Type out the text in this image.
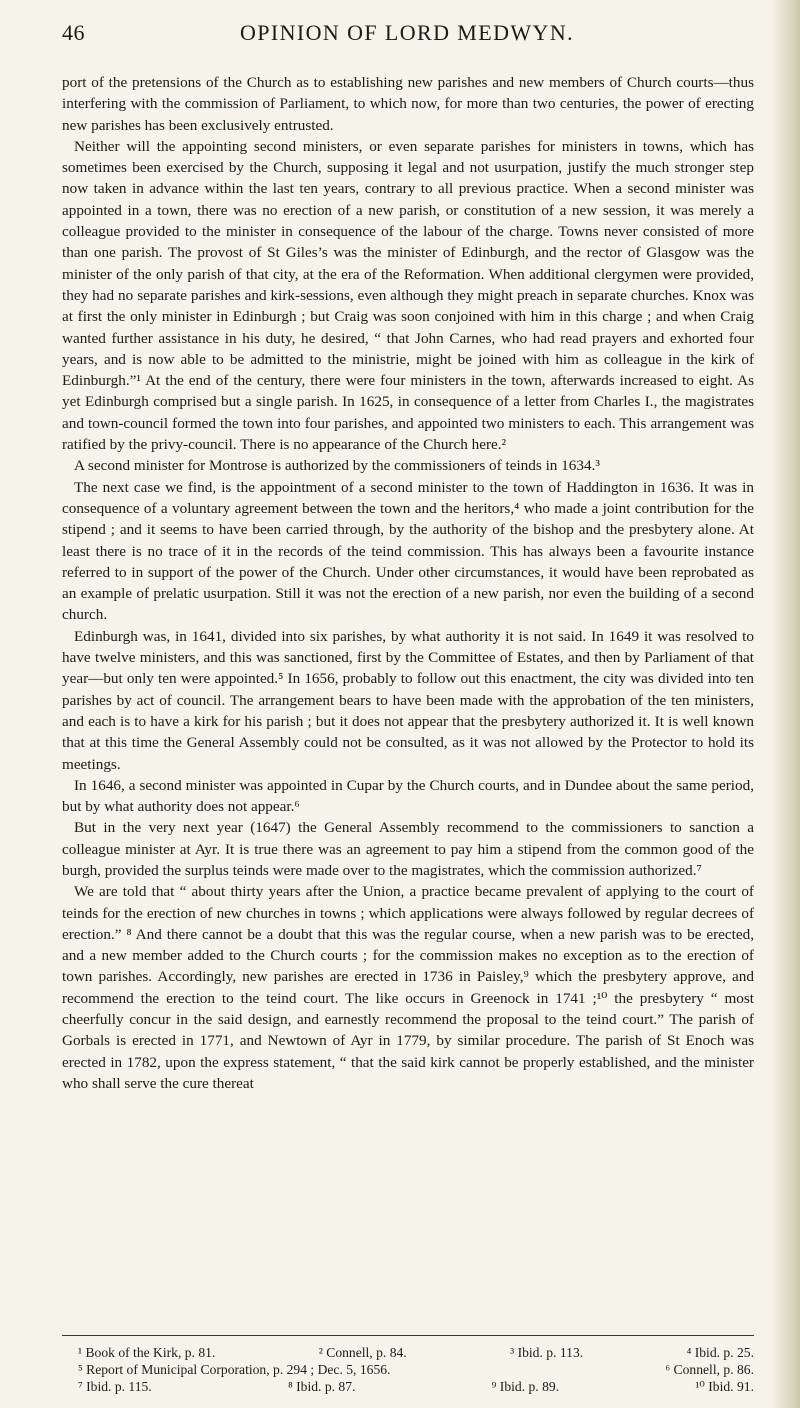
46	OPINION OF LORD MEDWYN.

port of the pretensions of the Church as to establishing new parishes and new members of Church courts—thus interfering with the commission of Parliament, to which now, for more than two centuries, the power of erecting new parishes has been exclusively entrusted.

Neither will the appointing second ministers, or even separate parishes for ministers in towns, which has sometimes been exercised by the Church, supposing it legal and not usurpation, justify the much stronger step now taken in advance within the last ten years, contrary to all previous practice. When a second minister was appointed in a town, there was no erection of a new parish, or constitution of a new session, it was merely a colleague provided to the minister in consequence of the labour of the charge. Towns never consisted of more than one parish. The provost of St Giles’s was the minister of Edinburgh, and the rector of Glasgow was the minister of the only parish of that city, at the era of the Reformation. When additional clergymen were provided, they had no separate parishes and kirk-sessions, even although they might preach in separate churches. Knox was at first the only minister in Edinburgh ; but Craig was soon conjoined with him in this charge ; and when Craig wanted further assistance in his duty, he desired, “ that John Carnes, who had read prayers and exhorted four years, and is now able to be admitted to the ministrie, might be joined with him as colleague in the kirk of Edinburgh.”¹ At the end of the century, there were four ministers in the town, afterwards increased to eight. As yet Edinburgh comprised but a single parish. In 1625, in consequence of a letter from Charles I., the magistrates and town-council formed the town into four parishes, and appointed two ministers to each. This arrangement was ratified by the privy-council. There is no appearance of the Church here.²

A second minister for Montrose is authorized by the commissioners of teinds in 1634.³

The next case we find, is the appointment of a second minister to the town of Haddington in 1636. It was in consequence of a voluntary agreement between the town and the heritors,⁴ who made a joint contribution for the stipend ; and it seems to have been carried through, by the authority of the bishop and the presbytery alone. At least there is no trace of it in the records of the teind commission. This has always been a favourite instance referred to in support of the power of the Church. Under other circumstances, it would have been reprobated as an example of prelatic usurpation. Still it was not the erection of a new parish, nor even the building of a second church.

Edinburgh was, in 1641, divided into six parishes, by what authority it is not said. In 1649 it was resolved to have twelve ministers, and this was sanctioned, first by the Committee of Estates, and then by Parliament of that year—but only ten were appointed.⁵ In 1656, probably to follow out this enactment, the city was divided into ten parishes by act of council. The arrangement bears to have been made with the approbation of the ten ministers, and each is to have a kirk for his parish ; but it does not appear that the presbytery authorized it. It is well known that at this time the General Assembly could not be consulted, as it was not allowed by the Protector to hold its meetings.

In 1646, a second minister was appointed in Cupar by the Church courts, and in Dundee about the same period, but by what authority does not appear.⁶

But in the very next year (1647) the General Assembly recommend to the commissioners to sanction a colleague minister at Ayr. It is true there was an agreement to pay him a stipend from the common good of the burgh, provided the surplus teinds were made over to the magistrates, which the commission authorized.⁷

We are told that “ about thirty years after the Union, a practice became prevalent of applying to the court of teinds for the erection of new churches in towns ; which applications were always followed by regular decrees of erection.” ⁸ And there cannot be a doubt that this was the regular course, when a new parish was to be erected, and a new member added to the Church courts ; for the commission makes no exception as to the erection of town parishes. Accordingly, new parishes are erected in 1736 in Paisley,⁹ which the presbytery approve, and recommend the erection to the teind court. The like occurs in Greenock in 1741 ;¹⁰ the presbytery “ most cheerfully concur in the said design, and earnestly recommend the proposal to the teind court.” The parish of Gorbals is erected in 1771, and Newtown of Ayr in 1779, by similar procedure. The parish of St Enoch was erected in 1782, upon the express statement, “ that the said kirk cannot be properly established, and the minister who shall serve the cure thereat

¹ Book of the Kirk, p. 81.	² Connell, p. 84.	³ Ibid. p. 113.	⁴ Ibid. p. 25.
⁵ Report of Municipal Corporation, p. 294 ; Dec. 5, 1656.	⁶ Connell, p. 86.
⁷ Ibid. p. 115.	⁸ Ibid. p. 87.	⁹ Ibid. p. 89.	¹⁰ Ibid. 91.
